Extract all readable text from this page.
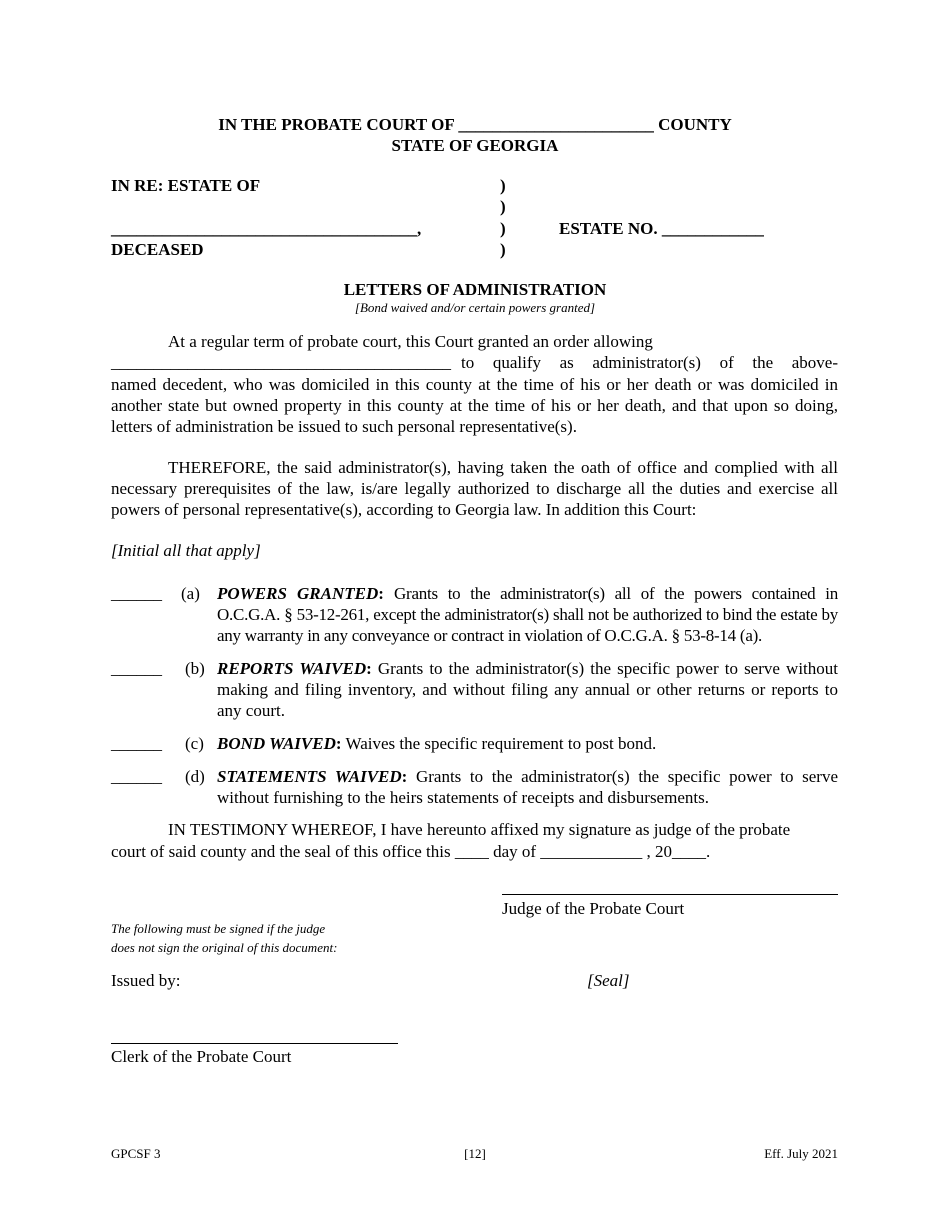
IN THE PROBATE COURT OF _______________________ COUNTY
STATE OF GEORGIA
IN RE: ESTATE OF
____________________________________,
DECEASED
)
)
)
)
ESTATE NO. ____________
LETTERS OF ADMINISTRATION
[Bond waived and/or certain powers granted]
At a regular term of probate court, this Court granted an order allowing
________________________________________ to qualify as administrator(s) of the above-
named decedent, who was domiciled in this county at the time of his or her death or was domiciled in another state but owned property in this county at the time of his or her death, and that upon so doing, letters of administration be issued to such personal representative(s).
THEREFORE, the said administrator(s), having taken the oath of office and complied with all necessary prerequisites of the law, is/are legally authorized to discharge all the duties and exercise all powers of personal representative(s), according to Georgia law. In addition this Court:
[Initial all that apply]
______ (a) POWERS GRANTED: Grants to the administrator(s) all of the powers contained in O.C.G.A. § 53-12-261, except the administrator(s) shall not be authorized to bind the estate by any warranty in any conveyance or contract in violation of O.C.G.A. § 53-8-14 (a).
______ (b) REPORTS WAIVED: Grants to the administrator(s) the specific power to serve without making and filing inventory, and without filing any annual or other returns or reports to any court.
______ (c) BOND WAIVED: Waives the specific requirement to post bond.
______ (d) STATEMENTS WAIVED: Grants to the administrator(s) the specific power to serve without furnishing to the heirs statements of receipts and disbursements.
IN TESTIMONY WHEREOF, I have hereunto affixed my signature as judge of the probate
court of said county and the seal of this office this ____ day of ____________ , 20____.
Judge of the Probate Court
The following must be signed if the judge
does not sign the original of this document:
Issued by:	[Seal]
Clerk of the Probate Court
GPCSF 3	[12]	Eff. July 2021
